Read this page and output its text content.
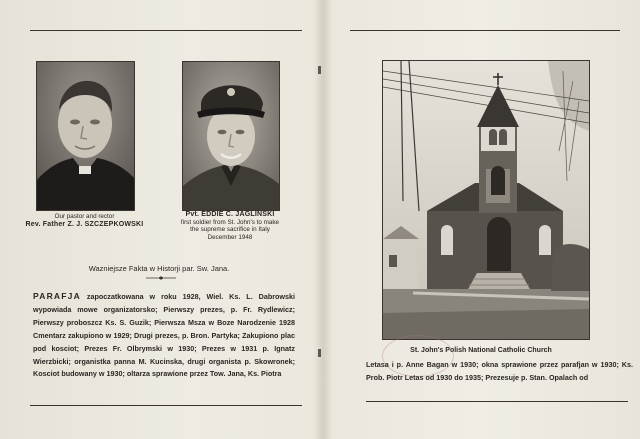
Our pastor and rector
Rev. Father Z. J. SZCZEPKOWSKI
Pvt. EDDIE C. JAGLINSKI
first soldier from St. John's to make
the supreme sacrifice in Italy
December 1948
Wazniejsze Fakta w Historji par. Sw. Jana.
PARAFJA zapoczatkowana w roku 1928, Wiel. Ks. L. Dabrowski wypowiada mowe organizatorsko; Pierwszy prezes, p. Fr. Rydlewicz; Pierwszy proboszcz Ks. S. Guzik; Pierwsza Msza w Boze Narodzenie 1928 Cmentarz zakupiono w 1929; Drugi prezes, p. Bron. Partyka; Zakupiono plac pod kosciot; Prezes Fr. Olbrymski w 1930; Prezes w 1931 p. Ignatz Wierzbicki; organistka panna M. Kucinska, drugi organista p. Skowronek; Kosciot budowany w 1930; oltarza sprawione przez Tow. Jana, Ks. Piotra
St. John's Polish National Catholic Church
Letasa i p. Anne Bagan w 1930; okna sprawione przez parafjan w 1930; Ks. Prob. Piotr Letas od 1930 do 1935; Prezesuje p. Stan. Opalach od
